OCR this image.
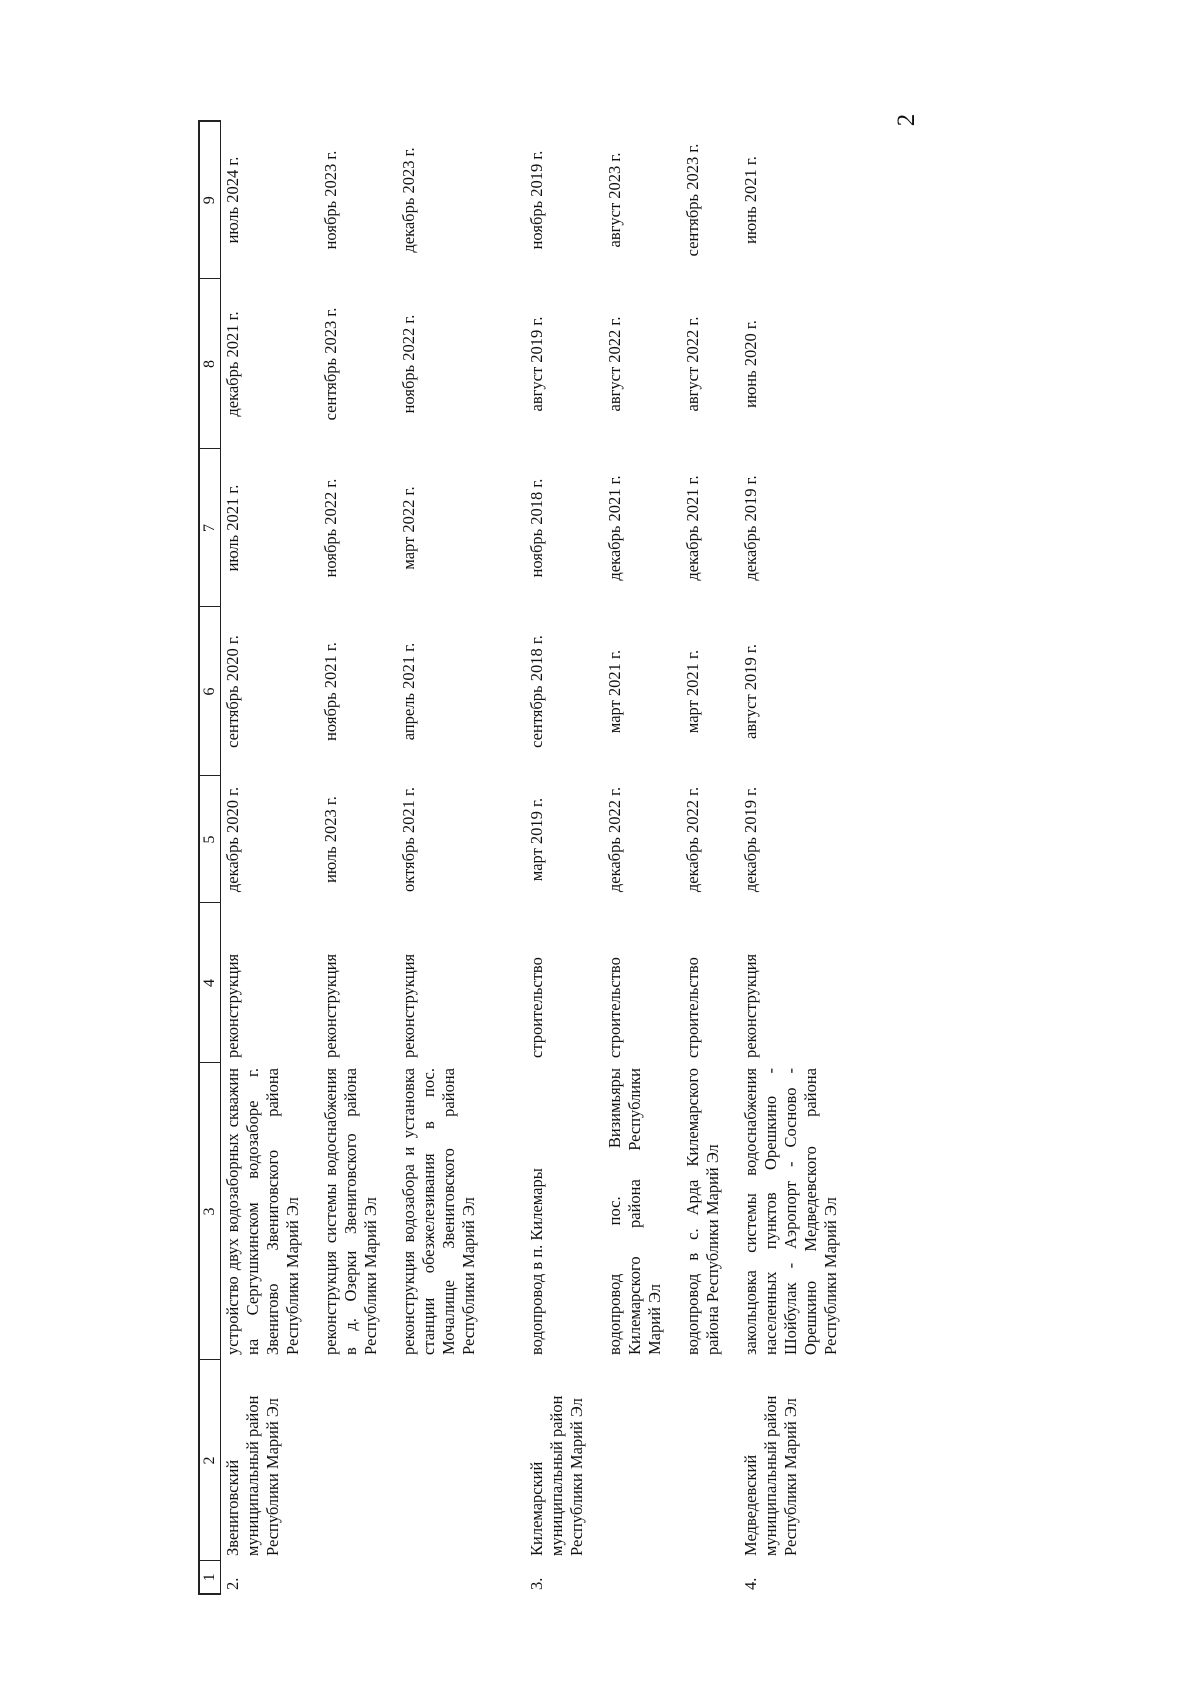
2
1	2	3	4	5	6	7	8	9
2.	Звениговский муниципальный район Республики Марий Эл	устройство двух водозаборных скважин на Сергушкинском водозаборе г. Звенигово Звениговского района Республики Марий Эл	реконструкция	декабрь 2020 г.	сентябрь 2020 г.	июль 2021 г.	декабрь 2021 г.	июль 2024 г.

		реконструкция системы водоснабжения в д. Озерки Звениговского района Республики Марий Эл	реконструкция	июль 2023 г.	ноябрь 2021 г.	ноябрь 2022 г.	сентябрь 2023 г.	ноябрь 2023 г.

		реконструкция водозабора и установка станции обезжелезивания в пос. Мочалище Звениговского района Республики Марий Эл	реконструкция	октябрь 2021 г.	апрель 2021 г.	март 2022 г.	ноябрь 2022 г.	декабрь 2023 г.

3.	Килемарский муниципальный район Республики Марий Эл	водопровод в п. Килемары	строительство	март 2019 г.	сентябрь 2018 г.	ноябрь 2018 г.	август 2019 г.	ноябрь 2019 г.

		водопровод пос. Визимьяры Килемарского района Республики Марий Эл	строительство	декабрь 2022 г.	март 2021 г.	декабрь 2021 г.	август 2022 г.	август 2023 г.

		водопровод в с. Арда Килемарского района Республики Марий Эл	строительство	декабрь 2022 г.	март 2021 г.	декабрь 2021 г.	август 2022 г.	сентябрь 2023 г.

4.	Медведевский муниципальный район Республики Марий Эл	закольцовка системы водоснабжения населенных пунктов Орешкино - Шойбулак - Аэропорт - Сосново - Орешкино Медведевского района Республики Марий Эл	реконструкция	декабрь 2019 г.	август 2019 г.	декабрь 2019 г.	июнь 2020 г.	июнь 2021 г.
